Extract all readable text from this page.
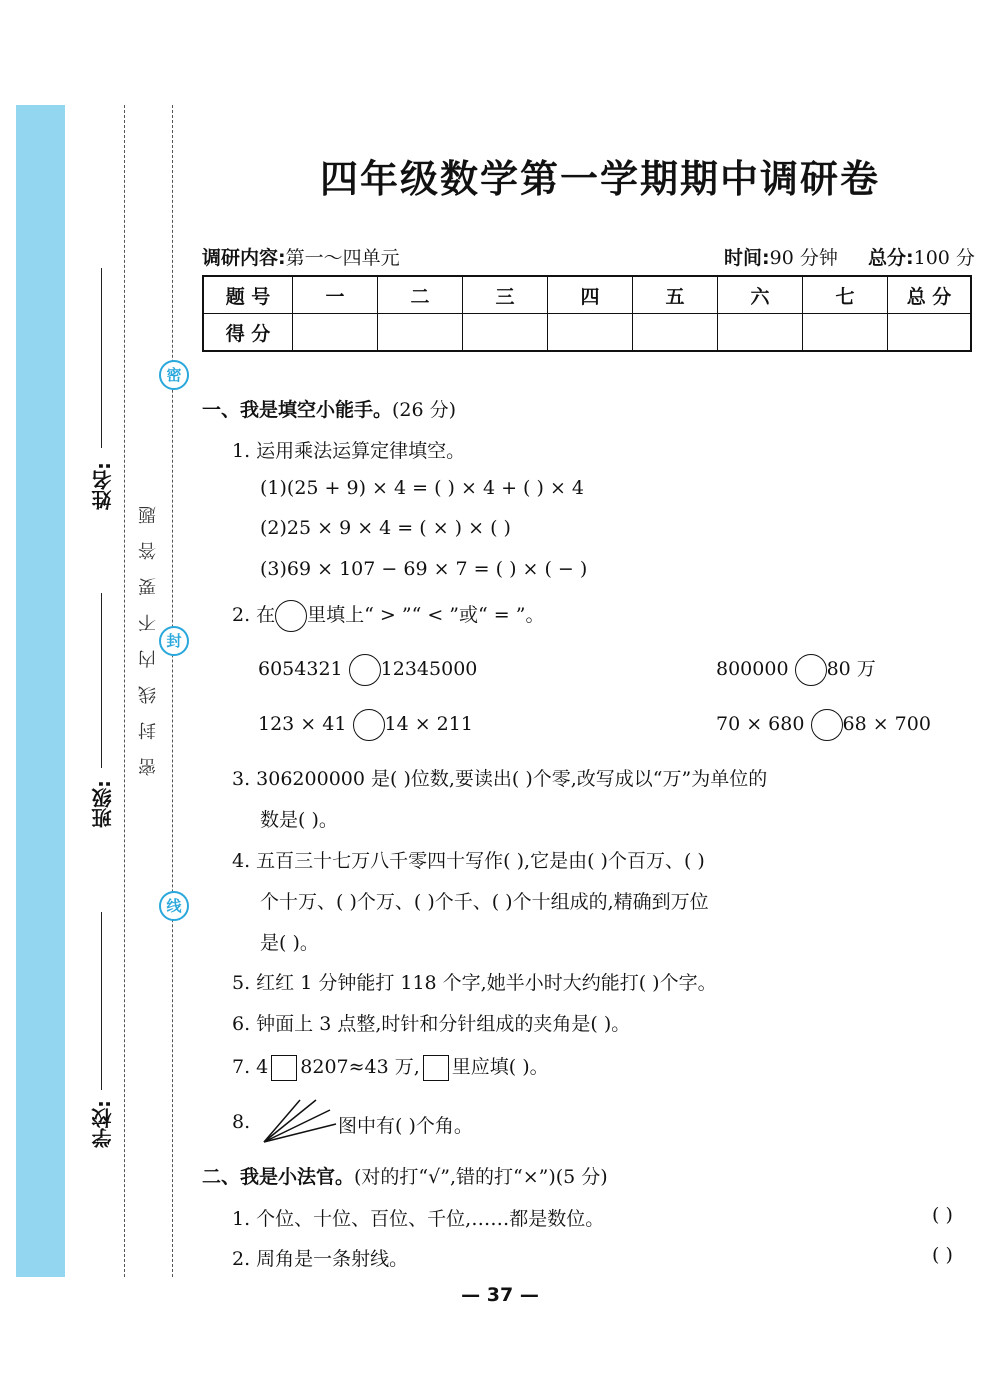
姓名:
班级:
学校:
密封线内不要答题
密
封
线
四年级数学第一学期期中调研卷
调研内容:第一～四单元	时间:90 分钟 总分:100 分
题 号	一	二	三	四	五	六	七	总 分
得 分								
一、我是填空小能手。(26 分)
1. 运用乘法运算定律填空。
(1)(25 + 9) × 4 = ( ) × 4 + ( ) × 4
(2)25 × 9 × 4 = ( × ) × ( )
(3)69 × 107 − 69 × 7 = ( ) × ( − )
2. 在 里填上“ > ”“ < ”或“ = ”。
6054321 12345000	800000 80 万
123 × 41 14 × 211	70 × 680 68 × 700
3. 306200000 是( )位数,要读出( )个零,改写成以“万”为单位的
数是( )。
4. 五百三十七万八千零四十写作( ),它是由( )个百万、( )
个十万、( )个万、( )个千、( )个十组成的,精确到万位
是( )。
5. 红红 1 分钟能打 118 个字,她半小时大约能打( )个字。
6. 钟面上 3 点整,时针和分针组成的夹角是( )。
7. 4 8207≈43 万, 里应填( )。
8.	图中有( )个角。
二、我是小法官。(对的打“√”,错的打“×”)(5 分)
1. 个位、十位、百位、千位,……都是数位。	( )
2. 周角是一条射线。	( )
— 37 —
